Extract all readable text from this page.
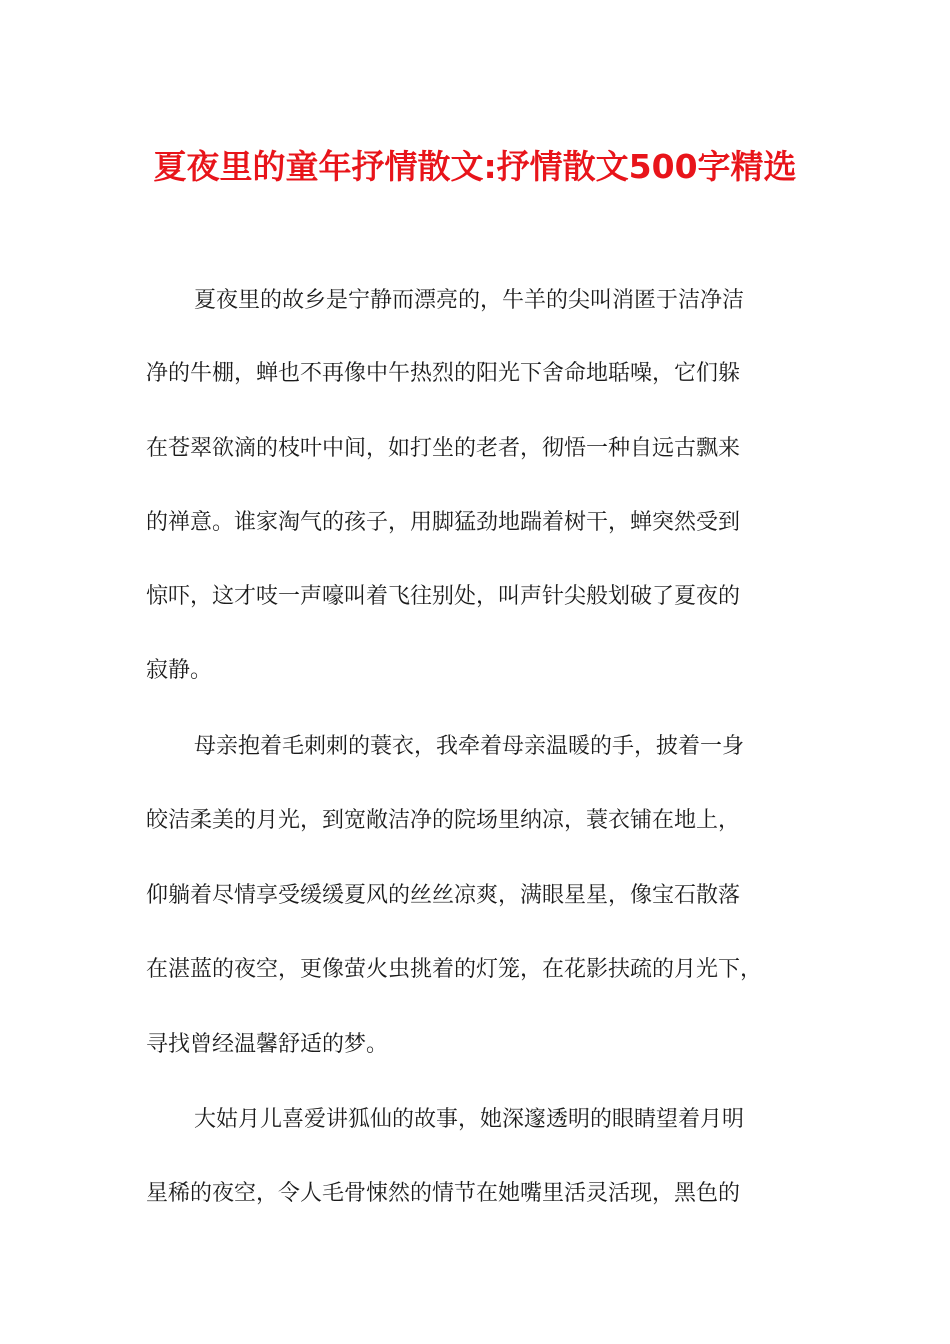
夏夜里的童年抒情散文:抒情散文500字精选

夏夜里的故乡是宁静而漂亮的，牛羊的尖叫消匿于洁净洁

净的牛棚，蝉也不再像中午热烈的阳光下舍命地聒噪，它们躲

在苍翠欲滴的枝叶中间，如打坐的老者，彻悟一种自远古飘来

的禅意。谁家淘气的孩子，用脚猛劲地踹着树干，蝉突然受到

惊吓，这才吱一声嚎叫着飞往别处，叫声针尖般划破了夏夜的

寂静。

母亲抱着毛刺刺的蓑衣，我牵着母亲温暖的手，披着一身

皎洁柔美的月光，到宽敞洁净的院场里纳凉，蓑衣铺在地上，

仰躺着尽情享受缓缓夏风的丝丝凉爽，满眼星星，像宝石散落

在湛蓝的夜空，更像萤火虫挑着的灯笼，在花影扶疏的月光下，

寻找曾经温馨舒适的梦。

大姑月儿喜爱讲狐仙的故事，她深邃透明的眼睛望着月明

星稀的夜空，令人毛骨悚然的情节在她嘴里活灵活现，黑色的
